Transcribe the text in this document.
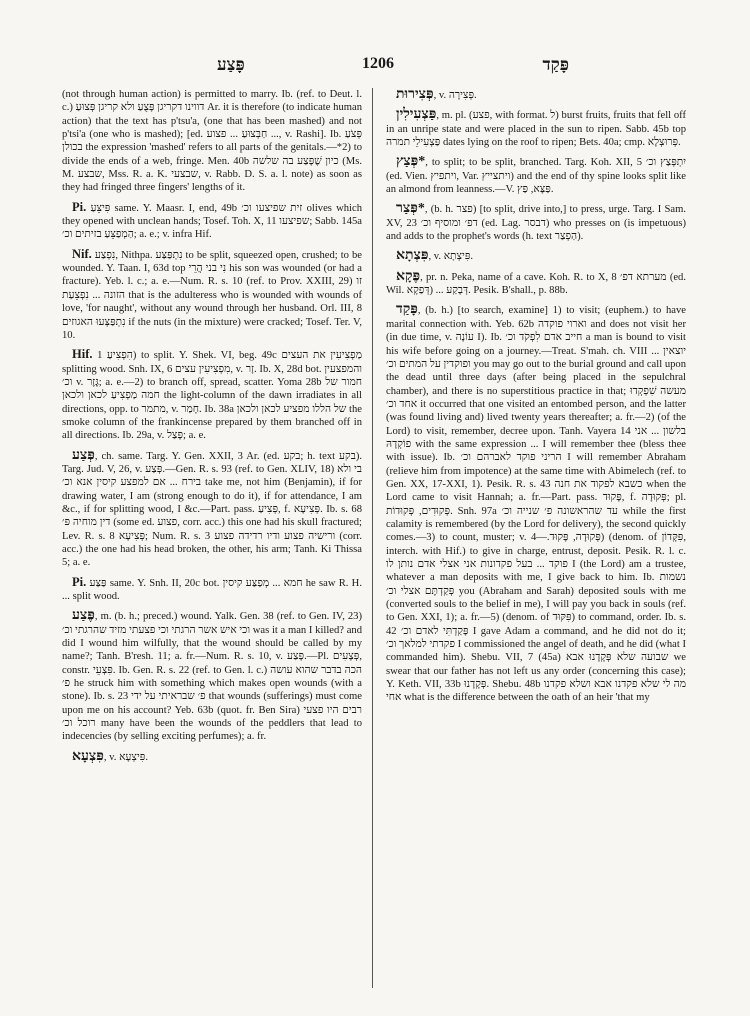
פָּצַע	1206	פָּקַד

(not through human action) is permitted to marry. Ib. (ref. to Deut. l. c.) דווינו דקריגן פָּצֻעַ ולא קריגן פְּצוּעַ Ar. it is therefore (to indicate human action) that the text has p'tsu'a, (one that has been mashed) and not p'tsi'a (one who is mashed); [ed. חַבְּצוּעַ ... פצוע ..., v. Rashi]. Ib. פְּצֹעַ בכולן the expression 'mashed' refers to all parts of the genitals.—*2) to divide the ends of a web, fringe. Men. 40b כיון שֶׁפָּצַע בה שלשה (Ms. M. שבצע, Mss. R. a. K. שבצעי, v. Rabb. D. S. a. l. note) as soon as they had fringed three fingers' lengths of it.

Pi. פִּיצֵּעַ same. Y. Maasr. I, end, 49b זית שפיצעו וכ׳ olives which they opened with unclean hands; Tosef. Toh. X, 11 שפיצעו; Sabb. 145a הַמְפַצֵּעַ בזיתים וכ׳; a. e.; v. infra Hif.

Nif. נִפְצַע, Nithpa. נִתְפַּצַּע to be split, squeezed open, crushed; to be wounded. Y. Taan. I, 63d top נִי בני הֲרֵי his son was wounded (or had a fracture). Yeb. l. c.; a. e.—Num. R. s. 10 (ref. to Prov. XXIII, 29) זו הזונה ... נִפְצֵעַת that is the adulteress who is wounded with wounds of love, 'for naught', without any wound through her husband. Orl. III, 8 נִתְפַּצְּעוּ האגוזים if the nuts (in the mixture) were cracked; Tosef. Ter. V, 10.

Hif. הִפְצִיעַ 1) to split. Y. Shek. VI, beg. 49c מַפְצִיעִין את העצים splitting wood. Snh. IX, 6 מִפְצִיעִין עצים, v. זָר. Ib. X, 28d bot. והמפצעין וכ׳ v. גֶּזֶר; a. e.—2) to branch off, spread, scatter. Yoma 28b חמור של חמה מַפְצִיעַ לכאן ולכאן the light-column of the dawn irradiates in all directions, opp. to מתמר, v. חָמַר. Ib. 38a של הללו מפציע לכאן ולכאן the smoke column of the frankincense prepared by them branched off in all directions. Ib. 29a, v. פָּצַל; a. e.

פְּצַע, ch. same. Targ. Y. Gen. XXII, 3 Ar. (ed. בקע; h. text בקע). Targ. Jud. V, 26, v. פְּצַע.—Gen. R. s. 93 (ref. to Gen. XLIV, 18) בי ולא בירח ... אם למפצע קיסין אנא וכ׳ take me, not him (Benjamin), if for drawing water, I am (strong enough to do it), if for attendance, I am &c., if for splitting wood, I &c.—Part. pass. פְּצִיעַ, f. פְּצִיעָא. Ib. s. 68 דין מוחיה פּ׳ (some ed. פצוע, corr. acc.) this one had his skull fractured; Lev. R. s. 8 פְּצִיעָא; Num. R. s. 3 ורישיה פצוע ודיו רדידה פצוע (corr. acc.) the one had his head broken, the other, his arm; Tanh. Ki Thissa 5; a. e.

Pi. פַּצַּע same. Y. Snh. II, 20c bot. חמא ... מְפַצַּע קיסין he saw R. H. ... split wood.

פֶּצַע, m. (b. h.; preced.) wound. Yalk. Gen. 38 (ref. to Gen. IV, 23) וכי איש אשר הרגתי וכי פצעתי מזיד שהרגתי וכ׳ was it a man I killed? and did I wound him wilfully, that the wound should be called by my name?; Tanh. B'resh. 11; a. fr.—Num. R. s. 10, v. פָּצַע.—Pl. פְּצָעִים, constr. פִּצְעֵי. Ib. Gen. R. s. 22 (ref. to Gen. l. c.) הכה בדבר שהוא עושה פ׳ he struck him with something which makes open wounds (with a stone). Ib. s. 23 פ׳ שבראיתי על ידי that wounds (sufferings) must come upon me on his account? Yeb. 63b (quot. fr. Ben Sira) רבים היו פצעי רוכל וכ׳ many have been the wounds of the peddlers that lead to indecencies (by selling exciting perfumes); a. fr.

פִּצְעָא, v. פִּיצְעָא.

פְּצִירוּת, v. פְּצִירָה.

פַּצְעִילִין, m. pl. (פצע, with format. ל) burst fruits, fruits that fell off in an unripe state and were placed in the sun to ripen. Sabb. 45b top פַּצְעִילֵי תמרה dates lying on the roof to ripen; Bets. 40a; cmp. פְּרוּצְלָא.

פְּצַץ*, to split; to be split, branched. Targ. Koh. XII, 5 יִתְפְּצַץ וכ׳ (ed. Vien. ויתפיץ, Var. ויתצייץ) and the end of thy spine looks split like an almond from leanness.—V. פַּצָּא, פַּץ.

פְּצַר*, (b. h. פצר) [to split, drive into,] to press, urge. Targ. I Sam. XV, 23 דפ׳ ומוסיף וכ׳ (ed. Lag. דבסר) who presses on (is impetuous) and adds to the prophet's words (h. text הַפְצַר).

פִּצְתָא, v. פִּיצְתָא.

פֶּקָא, pr. n. Peka, name of a cave. Koh. R. to X, 8 מערתא דפ׳ (ed. Wil. דְּפַקָא) ... דְּבָקַע. Pesik. B'shall., p. 88b.

פָּקַד, (b. h.) [to search, examine] 1) to visit; (euphem.) to have marital connection with. Yeb. 62b וארוי פוקדה and does not visit her (in due time, v. עוֹנָה I). Ib. חייב אדם לִפְקֹד וכ׳ a man is bound to visit his wife before going on a journey.—Treat. S'mah. ch. VIII יוצאין ... ופוקדין על המתים וכ׳ you may go out to the burial ground and call upon the dead until three days (after being placed in the sepulchral chamber), and there is no superstitious practice in that; מעשה שִׁפְקְדוּ אחד וכ׳ it occurred that one visited an entombed person, and the latter (was found living and) lived twenty years thereafter; a. fr.—2) (of the Lord) to visit, remember, decree upon. Tanh. Vayera 14 בלשון ... אני פוֹקְדָהּ with the same expression ... I will remember thee (bless thee with issue). Ib. הריני פוקד לאברהם וכ׳ I will remember Abraham (relieve him from impotence) at the same time with Abimelech (ref. to Gen. XX, 17-XXI, 1). Pesik. R. s. 43 כשבא לפקוד את חנה when the Lord came to visit Hannah; a. fr.—Part. pass. פָּקוּד, f. פְּקוּדָה; pl. פְּקוּדִים, פְּקוּדוֹת. Snh. 97a עד שהראשונה פ׳ שנייה וכ׳ while the first calamity is remembered (by the Lord for delivery), the second quickly comes.—3) to count, muster; v. פְּקוּדָה, פָּקוּד.—4) (denom. of פִּקָּדוֹן, interch. with Hif.) to give in charge, entrust, deposit. Pesik. R. l. c. פוקד ... בעל פקדונות אני אצלי אדם נותן לו I (the Lord) am a trustee, whatever a man deposits with me, I give back to him. Ib. נשמות פְּקַדְתֶּם אצלי וכ׳ you (Abraham and Sarah) deposited souls with me (converted souls to the belief in me), I will pay you back in souls (ref. to Gen. XXI, 1); a. fr.—5) (denom. of פִּקּוּד) to command, order. Ib. s. 42 פָּקַדְתִּי לאדם וכ׳ I gave Adam a command, and he did not do it; פקדתי למלאך וכ׳ I commissioned the angel of death, and he did (what I commanded him). Shebu. VII, 7 (45a) שבועה שלא פְּקָדָנוּ אבא we swear that our father has not left us any order (concerning this case); Y. Keth. VII, 33b פְּקָדָנוּ. Shebu. 48b מה לי שלא פקדנו אבא ושלא פקדנו אחי what is the difference between the oath of an heir 'that my
